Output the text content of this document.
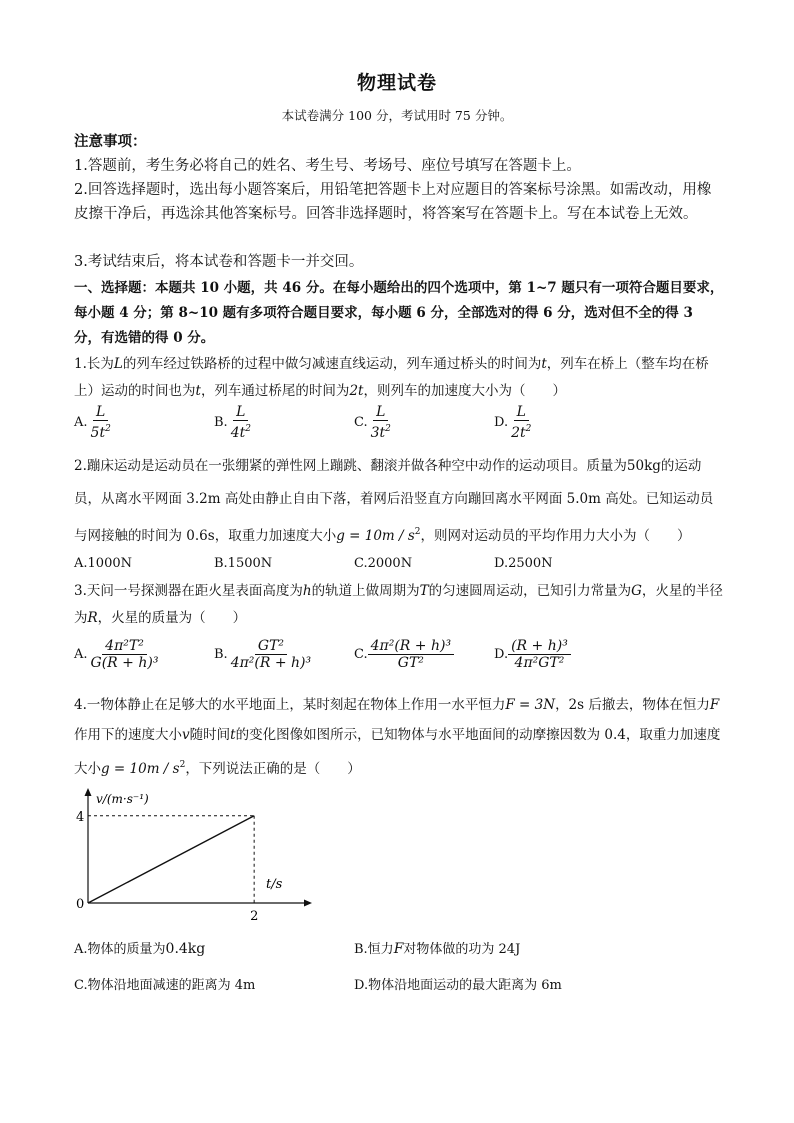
物理试卷
本试卷满分 100 分，考试用时 75 分钟。
注意事项：
1.答题前，考生务必将自己的姓名、考生号、考场号、座位号填写在答题卡上。
2.回答选择题时，选出每小题答案后，用铅笔把答题卡上对应题目的答案标号涂黑。如需改动，用橡皮擦干净后，再选涂其他答案标号。回答非选择题时，将答案写在答题卡上。写在本试卷上无效。
3.考试结束后，将本试卷和答题卡一并交回。
一、选择题：本题共 10 小题，共 46 分。在每小题给出的四个选项中，第 1~7 题只有一项符合题目要求，每小题 4 分；第 8~10 题有多项符合题目要求，每小题 6 分，全部选对的得 6 分，选对但不全的得 3 分，有选错的得 0 分。
1.长为L的列车经过铁路桥的过程中做匀减速直线运动，列车通过桥头的时间为t，列车在桥上（整车均在桥上）运动的时间也为t，列车通过桥尾的时间为2t，则列车的加速度大小为（　　）
A. $\frac{L}{5t^2}$	B. $\frac{L}{4t^2}$	C. $\frac{L}{3t^2}$	D. $\frac{L}{2t^2}$
2.蹦床运动是运动员在一张绷紧的弹性网上蹦跳、翻滚并做各种空中动作的运动项目。质量为50kg的运动员，从离水平网面 3.2m 高处由静止自由下落，着网后沿竖直方向蹦回离水平网面 5.0m 高处。已知运动员与网接触的时间为 0.6s，取重力加速度大小$g = 10m / s^2$，则网对运动员的平均作用力大小为（　　）
A.1000N	B.1500N	C.2000N	D.2500N
3.天问一号探测器在距火星表面高度为h的轨道上做周期为T的匀速圆周运动，已知引力常量为G，火星的半径为R，火星的质量为（　　）
A. $\frac{\text{4π²T²}}{\text{G(R + h)³}}$	B. $\frac{\text{GT²}}{\text{4π²(R + h)³}}$	C. $\frac{\text{4π²(R + h)³}}{\text{GT²}}$	D. $\frac{\text{(R + h)³}}{\text{4π²GT²}}$
4.一物体静止在足够大的水平地面上，某时刻起在物体上作用一水平恒力F = 3N，2s 后撤去，物体在恒力F作用下的速度大小v随时间t的变化图像如图所示，已知物体与水平地面间的动摩擦因数为 0.4，取重力加速度大小$g = 10m / s^2$，下列说法正确的是（　　）
v/(m·s⁻¹)
t/s
0
4
2
A.物体的质量为0.4kg	B.恒力F对物体做的功为 24J
C.物体沿地面减速的距离为 4m	D.物体沿地面运动的最大距离为 6m
